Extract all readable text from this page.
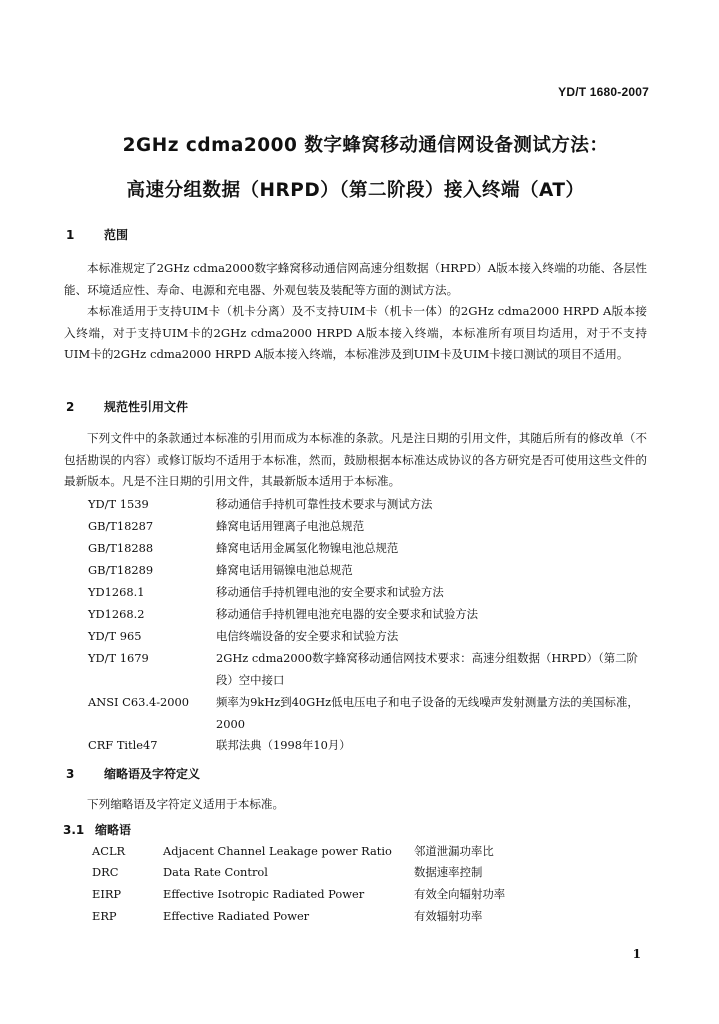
YD/T 1680-2007
2GHz cdma2000 数字蜂窝移动通信网设备测试方法：
高速分组数据（HRPD）（第二阶段）接入终端（AT）
1 范围

本标准规定了2GHz cdma2000数字蜂窝移动通信网高速分组数据（HRPD）A版本接入终端的功能、各层性能、环境适应性、寿命、电源和充电器、外观包装及装配等方面的测试方法。

本标准适用于支持UIM卡（机卡分离）及不支持UIM卡（机卡一体）的2GHz cdma2000 HRPD A版本接入终端，对于支持UIM卡的2GHz cdma2000 HRPD A版本接入终端，本标准所有项目均适用，对于不支持UIM卡的2GHz cdma2000 HRPD A版本接入终端，本标准涉及到UIM卡及UIM卡接口测试的项目不适用。

2 规范性引用文件

下列文件中的条款通过本标准的引用而成为本标准的条款。凡是注日期的引用文件，其随后所有的修改单（不包括勘误的内容）或修订版均不适用于本标准，然而，鼓励根据本标准达成协议的各方研究是否可使用这些文件的最新版本。凡是不注日期的引用文件，其最新版本适用于本标准。

YD/T 1539	移动通信手持机可靠性技术要求与测试方法
GB/T18287	蜂窝电话用锂离子电池总规范
GB/T18288	蜂窝电话用金属氢化物镍电池总规范
GB/T18289	蜂窝电话用镉镍电池总规范
YD1268.1	移动通信手持机锂电池的安全要求和试验方法
YD1268.2	移动通信手持机锂电池充电器的安全要求和试验方法
YD/T 965	电信终端设备的安全要求和试验方法
YD/T 1679	2GHz cdma2000数字蜂窝移动通信网技术要求：高速分组数据（HRPD）（第二阶段）空中接口
ANSI C63.4-2000	频率为9kHz到40GHz低电压电子和电子设备的无线噪声发射测量方法的美国标准，2000
CRF Title47	联邦法典（1998年10月）
3 缩略语及字符定义

下列缩略语及字符定义适用于本标准。

3.1 缩略语
ACLR	Adjacent Channel Leakage power Ratio 邻道泄漏功率比
DRC	Data Rate Control	数据速率控制
EIRP	Effective Isotropic Radiated Power	有效全向辐射功率
ERP	Effective Radiated Power	有效辐射功率
1
